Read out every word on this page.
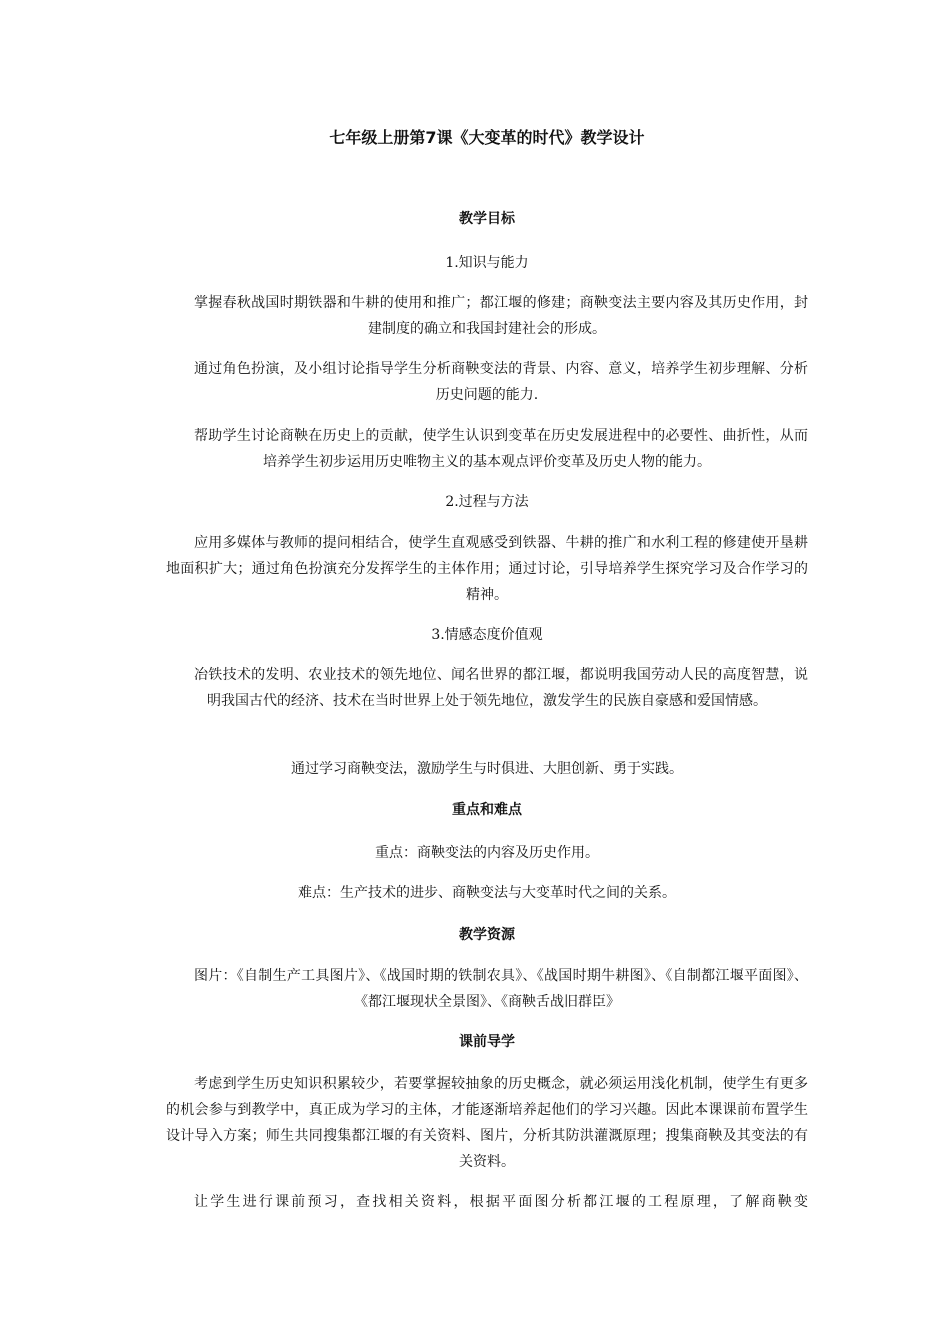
七年级上册第7课《大变革的时代》教学设计
教学目标
1.知识与能力

掌握春秋战国时期铁器和牛耕的使用和推广；都江堰的修建；商鞅变法主要内容及其历史作用，封建制度的确立和我国封建社会的形成。

通过角色扮演，及小组讨论指导学生分析商鞅变法的背景、内容、意义，培养学生初步理解、分析历史问题的能力.

帮助学生讨论商鞅在历史上的贡献，使学生认识到变革在历史发展进程中的必要性、曲折性，从而培养学生初步运用历史唯物主义的基本观点评价变革及历史人物的能力。

2.过程与方法

应用多媒体与教师的提问相结合，使学生直观感受到铁器、牛耕的推广和水利工程的修建使开垦耕地面积扩大；通过角色扮演充分发挥学生的主体作用；通过讨论，引导培养学生探究学习及合作学习的精神。

3.情感态度价值观

冶铁技术的发明、农业技术的领先地位、闻名世界的都江堰，都说明我国劳动人民的高度智慧，说明我国古代的经济、技术在当时世界上处于领先地位，激发学生的民族自豪感和爱国情感。

通过学习商鞅变法，激励学生与时俱进、大胆创新、勇于实践。

重点和难点

重点：商鞅变法的内容及历史作用。

难点：生产技术的进步、商鞅变法与大变革时代之间的关系。

教学资源

图片：《自制生产工具图片》、《战国时期的铁制农具》、《战国时期牛耕图》、《自制都江堰平面图》、《都江堰现状全景图》、《商鞅舌战旧群臣》

课前导学

考虑到学生历史知识积累较少，若要掌握较抽象的历史概念，就必须运用浅化机制，使学生有更多的机会参与到教学中，真正成为学习的主体，才能逐渐培养起他们的学习兴趣。因此本课课前布置学生设计导入方案；师生共同搜集都江堰的有关资料、图片，分析其防洪灌溉原理；搜集商鞅及其变法的有关资料。

让学生进行课前预习，查找相关资料，根据平面图分析都江堰的工程原理，了解商鞅变
